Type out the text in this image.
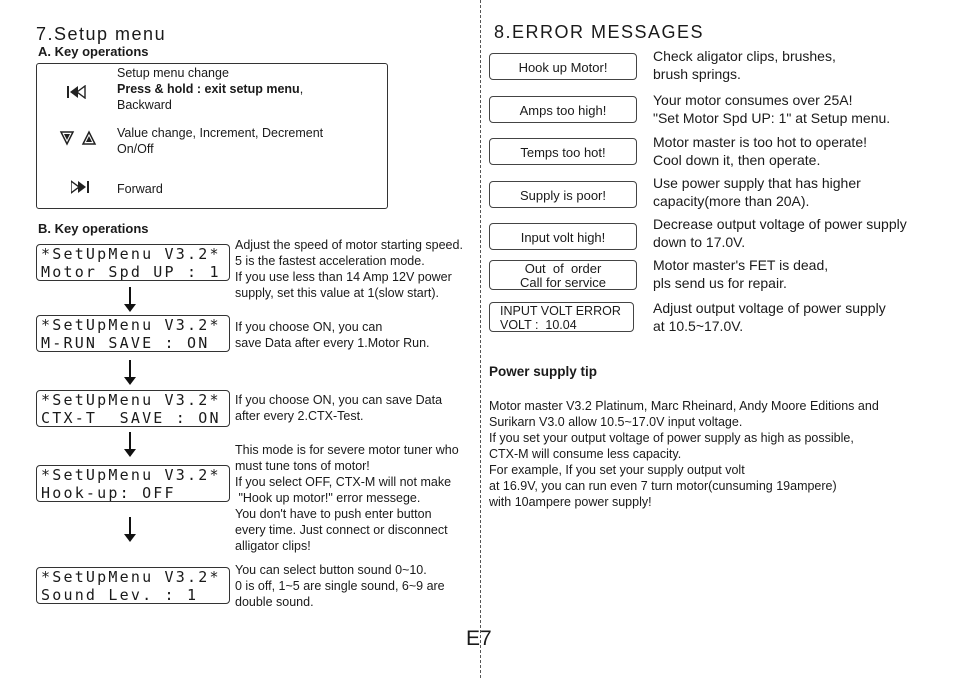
7.Setup menu
A. Key operations
Setup menu change
Press & hold : exit setup menu,
Backward
Value change, Increment, Decrement
On/Off
Forward
B. Key operations
*SetUpMenu V3.2*
Motor Spd UP : 1
Adjust the speed of motor starting speed.
5 is the fastest acceleration mode.
If you use less than 14 Amp 12V power
supply, set this value at 1(slow start).
*SetUpMenu V3.2*
M-RUN SAVE : ON
If you choose ON, you can
save Data after every 1.Motor Run.
*SetUpMenu V3.2*
CTX-T  SAVE : ON
If you choose ON, you can save Data
after every 2.CTX-Test.
*SetUpMenu V3.2*
Hook-up: OFF
This mode is for severe motor tuner who
must tune tons of motor!
If you select OFF, CTX-M will not make
"Hook up motor!" error messege.
You don't have to push enter button
every time. Just connect or disconnect
alligator clips!
*SetUpMenu V3.2*
Sound Lev. : 1
You can select button sound 0~10.
0 is off, 1~5 are single sound, 6~9 are
double sound.
8.ERROR MESSAGES
Hook up Motor!
Check aligator clips, brushes,
brush springs.
Amps too high!
Your motor consumes over 25A!
"Set Motor Spd UP: 1" at Setup menu.
Temps too hot!
Motor master is too hot to operate!
Cool down it, then operate.
Supply is poor!
Use power supply that has higher
capacity(more than 20A).
Input volt high!
Decrease output voltage of power supply
down to 17.0V.
Out  of  order
Call for service
Motor master's FET is dead,
pls send us for repair.
INPUT VOLT ERROR
VOLT :  10.04
Adjust output voltage of power supply
at 10.5~17.0V.
Power supply tip
Motor master V3.2 Platinum, Marc Rheinard, Andy Moore Editions and
Surikarn V3.0 allow 10.5~17.0V input voltage.
If you set your output voltage of power supply as high as possible,
CTX-M will consume less capacity.
For example, If you set your supply output volt
at 16.9V, you can run even 7 turn motor(cunsuming 19ampere)
with 10ampere power supply!
E7
